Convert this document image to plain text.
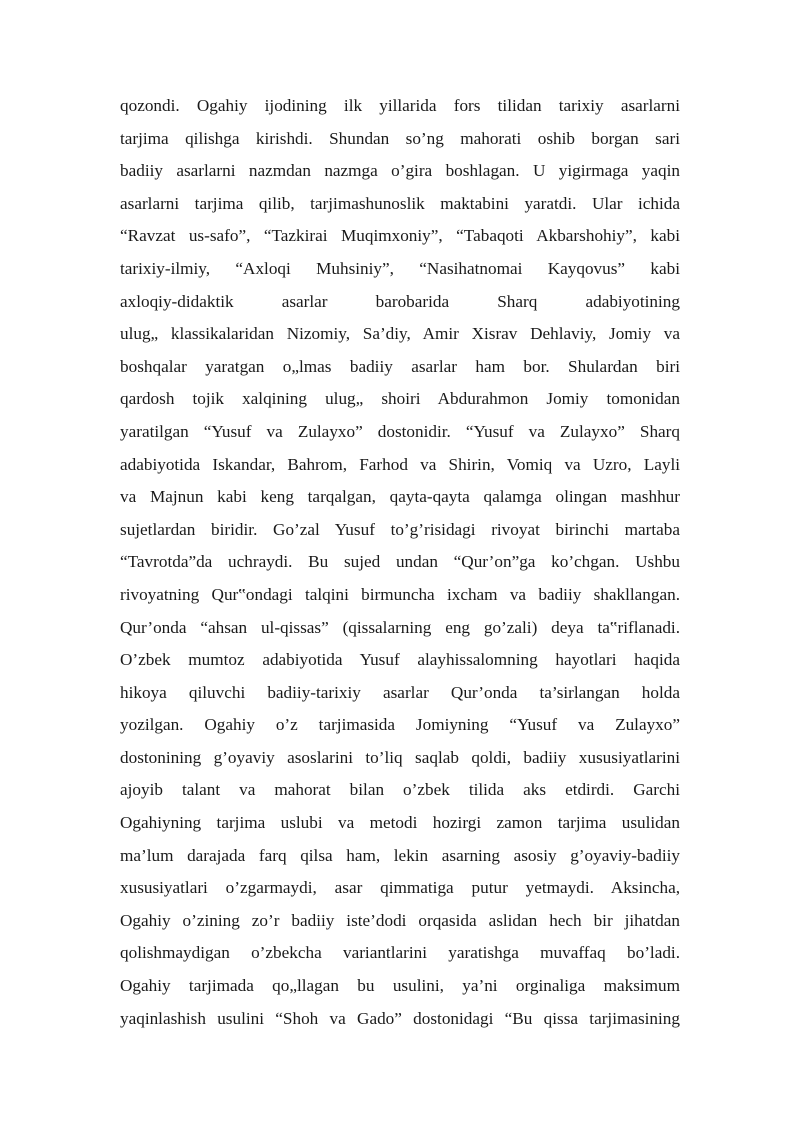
qozondi. Ogahiy ijodining ilk yillarida fors tilidan tarixiy asarlarni
tarjima qilishga kirishdi. Shundan so’ng mahorati oshib borgan sari
badiiy asarlarni nazmdan nazmga o’gira boshlagan. U yigirmaga yaqin
asarlarni tarjima qilib, tarjimashunoslik maktabini yaratdi. Ular ichida
“Ravzat us-safo”, “Tazkirai Muqimxoniy”, “Tabaqoti Akbarshohiy”, kabi
tarixiy-ilmiy, “Axloqi Muhsiniy”, “Nasihatnomai Kayqovus” kabi
axloqiy-didaktik asarlar barobarida Sharq adabiyotining
ulug„ klassikalaridan Nizomiy, Sa’diy, Amir Xisrav Dehlaviy, Jomiy va
boshqalar yaratgan o„lmas badiiy asarlar ham bor. Shulardan biri
qardosh tojik xalqining ulug„ shoiri Abdurahmon Jomiy tomonidan
yaratilgan “Yusuf va Zulayxo” dostonidir. “Yusuf va Zulayxo” Sharq
adabiyotida Iskandar, Bahrom, Farhod va Shirin, Vomiq va Uzro, Layli
va Majnun kabi keng tarqalgan, qayta-qayta qalamga olingan mashhur
sujetlardan biridir. Go’zal Yusuf to’g’risidagi rivoyat birinchi martaba
“Tavrotda”da uchraydi. Bu sujed undan “Qur’on”ga ko’chgan. Ushbu
rivoyatning Qur‟ondagi talqini birmuncha ixcham va badiiy shakllangan.
Qur’onda “ahsan ul-qissas” (qissalarning eng go’zali) deya ta‟riflanadi.
O’zbek mumtoz adabiyotida Yusuf alayhissalomning hayotlari haqida
hikoya qiluvchi badiiy-tarixiy asarlar Qur’onda ta’sirlangan holda
yozilgan. Ogahiy o’z tarjimasida Jomiyning “Yusuf va Zulayxo”
dostonining g’oyaviy asoslarini to’liq saqlab qoldi, badiiy xususiyatlarini
ajoyib talant va mahorat bilan o’zbek tilida aks etdirdi. Garchi
Ogahiyning tarjima uslubi va metodi hozirgi zamon tarjima usulidan
ma’lum darajada farq qilsa ham, lekin asarning asosiy g’oyaviy-badiiy
xususiyatlari o’zgarmaydi, asar qimmatiga putur yetmaydi. Aksincha,
Ogahiy o’zining zo’r badiiy iste’dodi orqasida aslidan hech bir jihatdan
qolishmaydigan o’zbekcha variantlarini yaratishga muvaffaq bo’ladi.
Ogahiy tarjimada qo„llagan bu usulini, ya’ni orginaliga maksimum
yaqinlashish usulini “Shoh va Gado” dostonidagi “Bu qissa tarjimasining
